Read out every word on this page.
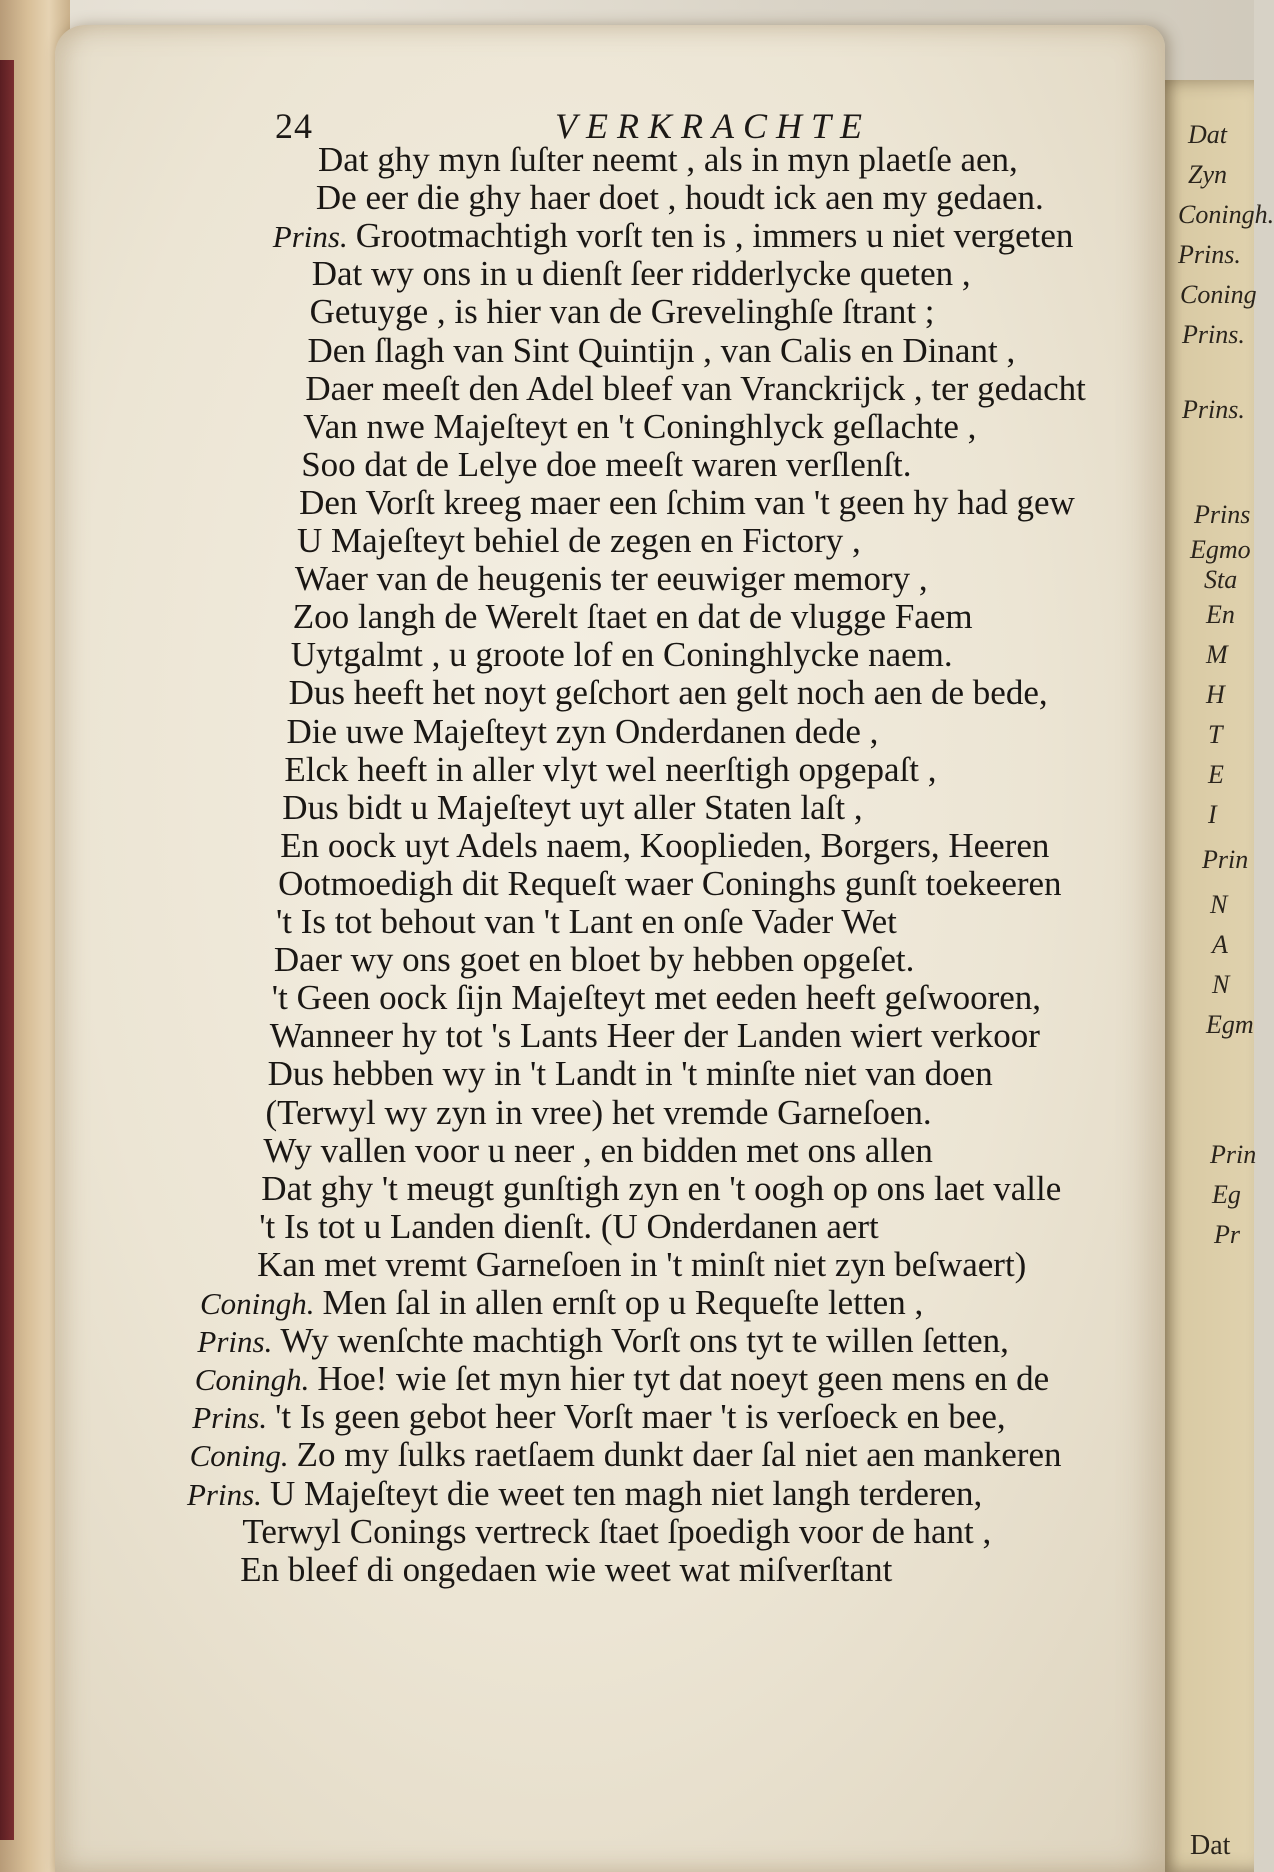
Dat
Zyn
Coningh.
Prins.
Coning
Prins.
Prins.
Prins
Egmo
Sta
En
M
H
T
E
I
Prin
N
A
N
Egm
Prin
Eg
Pr
24	VERKRACHTE
Dat ghy myn ſuſter neemt , als in myn plaetſe aen,
De eer die ghy haer doet , houdt ick aen my gedaen.
Prins. Grootmachtigh vorſt ten is , immers u niet vergeten
Dat wy ons in u dienſt ſeer ridderlycke queten ,
Getuyge , is hier van de Grevelinghſe ſtrant ;
Den ſlagh van Sint Quintijn , van Calis en Dinant ,
Daer meeſt den Adel bleef van Vranckrijck , ter gedacht
Van nwe Majeſteyt en 't Coninghlyck geſlachte ,
Soo dat de Lelye doe meeſt waren verſlenſt.
Den Vorſt kreeg maer een ſchim van 't geen hy had gew
U Majeſteyt behiel de zegen en Fictory ,
Waer van de heugenis ter eeuwiger memory ,
Zoo langh de Werelt ſtaet en dat de vlugge Faem
Uytgalmt , u groote lof en Coninghlycke naem.
Dus heeft het noyt geſchort aen gelt noch aen de bede,
Die uwe Majeſteyt zyn Onderdanen dede ,
Elck heeft in aller vlyt wel neerſtigh opgepaſt ,
Dus bidt u Majeſteyt uyt aller Staten laſt ,
En oock uyt Adels naem, Kooplieden, Borgers, Heeren
Ootmoedigh dit Requeſt waer Coninghs gunſt toekeeren
't Is tot behout van 't Lant en onſe Vader Wet
Daer wy ons goet en bloet by hebben opgeſet.
't Geen oock ſijn Majeſteyt met eeden heeft geſwooren,
Wanneer hy tot 's Lants Heer der Landen wiert verkoor
Dus hebben wy in 't Landt in 't minſte niet van doen
(Terwyl wy zyn in vree) het vremde Garneſoen.
Wy vallen voor u neer , en bidden met ons allen
Dat ghy 't meugt gunſtigh zyn en 't oogh op ons laet valle
't Is tot u Landen dienſt. (U Onderdanen aert
Kan met vremt Garneſoen in 't minſt niet zyn beſwaert)
Coningh. Men ſal in allen ernſt op u Requeſte letten ,
Prins. Wy wenſchte machtigh Vorſt ons tyt te willen ſetten,
Coningh. Hoe! wie ſet myn hier tyt dat noeyt geen mens en de
Prins. 't Is geen gebot heer Vorſt maer 't is verſoeck en bee,
Coning. Zo my ſulks raetſaem dunkt daer ſal niet aen mankeren
Prins. U Majeſteyt die weet ten magh niet langh terderen,
Terwyl Conings vertreck ſtaet ſpoedigh voor de hant ,
En bleef di ongedaen wie weet wat miſverſtant
Dat
